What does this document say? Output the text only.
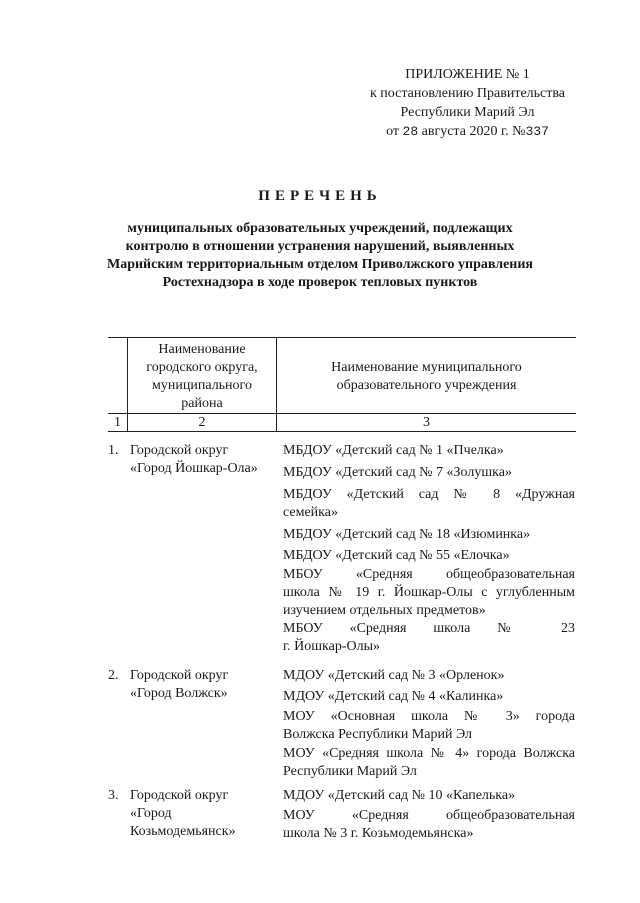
ПРИЛОЖЕНИЕ № 1
к постановлению Правительства
Республики Марий Эл
от 28 августа 2020 г. №337
ПЕРЕЧЕНЬ
муниципальных образовательных учреждений, подлежащих
контролю в отношении устранения нарушений, выявленных
Марийским территориальным отделом Приволжского управления
Ростехнадзора в ходе проверок тепловых пунктов
Наименование
городского округа,
муниципального
района
Наименование муниципального
образовательного учреждения
1	2	3
1. Городской округ
«Город Йошкар-Ола»
МБДОУ «Детский сад № 1 «Пчелка»
МБДОУ «Детский сад № 7 «Золушка»
МБДОУ «Детский сад № 8 «Дружная
семейка»
МБДОУ «Детский сад № 18 «Изюминка»
МБДОУ «Детский сад № 55 «Елочка»
МБОУ «Средняя общеобразовательная
школа № 19 г. Йошкар-Олы с углубленным
изучением отдельных предметов»
МБОУ «Средняя школа № 23
г. Йошкар-Олы»
2. Городской округ
«Город Волжск»
МДОУ «Детский сад № 3 «Орленок»
МДОУ «Детский сад № 4 «Калинка»
МОУ «Основная школа № 3» города
Волжска Республики Марий Эл
МОУ «Средняя школа № 4» города Волжска
Республики Марий Эл
3. Городской округ
«Город
Козьмодемьянск»
МДОУ «Детский сад № 10 «Капелька»
МОУ «Средняя общеобразовательная
школа № 3 г. Козьмодемьянска»
